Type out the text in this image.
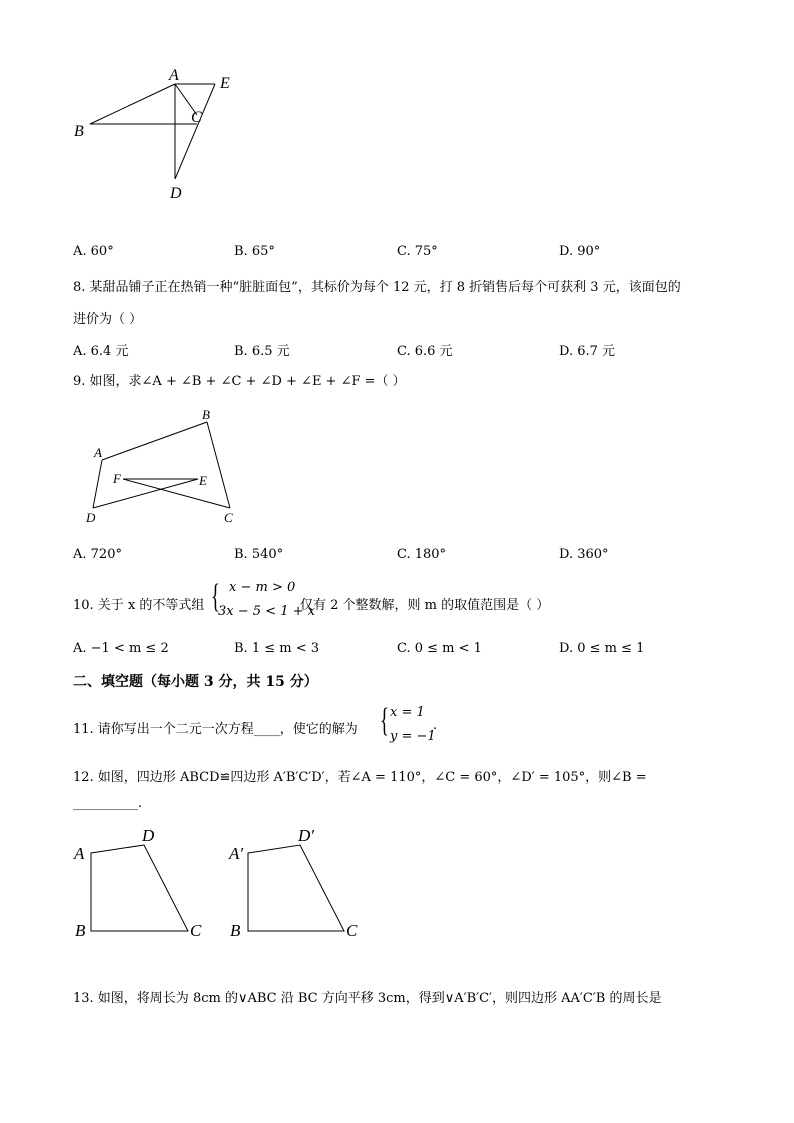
A	E
B
C
D
A. 60°	B. 65°	C. 75°	D. 90°
8. 某甜品铺子正在热销一种“脏脏面包”，其标价为每个 12 元，打 8 折销售后每个可获利 3 元，该面包的
进价为（ ）
A. 6.4 元	B. 6.5 元	C. 6.6 元	D. 6.7 元
9. 如图，求∠A + ∠B + ∠C + ∠D + ∠E + ∠F =（ ）
B
A
F	E
D	C
A. 720°	B. 540°	C. 180°	D. 360°
10. 关于 x 的不等式组 { x − m > 0
3x − 5 < 1 + x
仅有 2 个整数解，则 m 的取值范围是（ ）
A. −1 < m ≤ 2	B. 1 ≤ m < 3	C. 0 ≤ m < 1	D. 0 ≤ m ≤ 1
二、填空题（每小题 3 分，共 15 分）
11. 请你写出一个二元一次方程____，使它的解为 { x = 1
y = −1
.
12. 如图，四边形 ABCD≌四边形 A′B′C′D′，若∠A = 110°，∠C = 60°，∠D′ = 105°，则∠B =
__________.
A
D
B	C
A′
D′
B	C
13. 如图，将周长为 8cm 的∨ABC 沿 BC 方向平移 3cm，得到∨A′B′C′，则四边形 AA′C′B 的周长是
